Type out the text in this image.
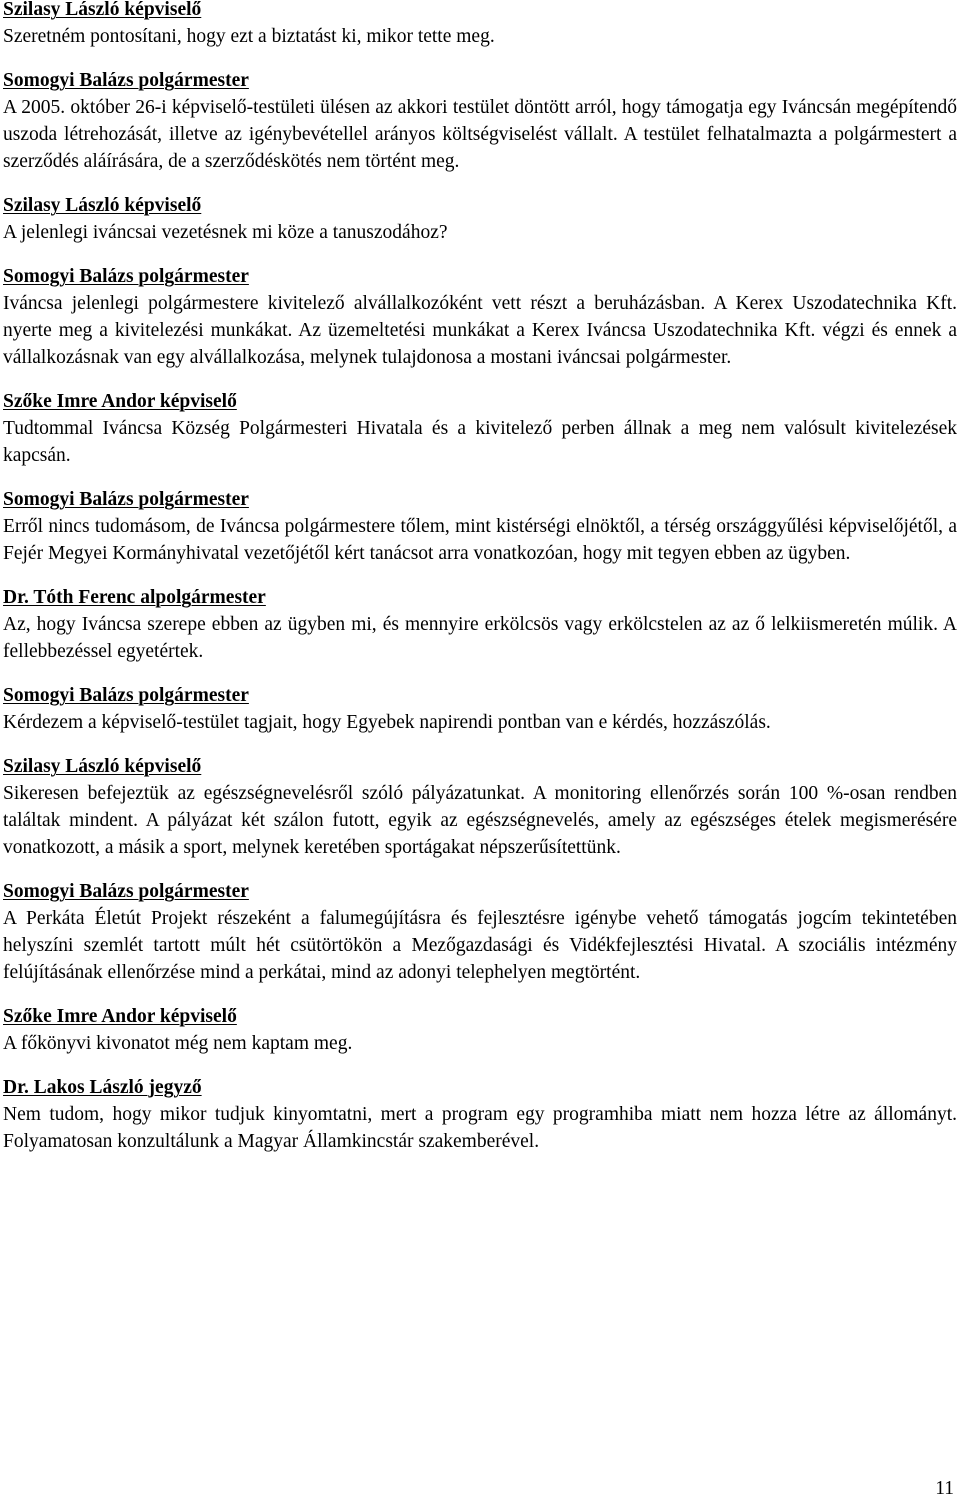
Szilasy László képviselő

Szeretném pontosítani, hogy ezt a biztatást ki, mikor tette meg.

Somogyi Balázs polgármester

A 2005. október 26-i képviselő-testületi ülésen az akkori testület döntött arról, hogy támogatja egy Iváncsán megépítendő uszoda létrehozását, illetve az igénybevétellel arányos költségviselést vállalt. A testület felhatalmazta a polgármestert a szerződés aláírására, de a szerződéskötés nem történt meg.

Szilasy László képviselő

A jelenlegi iváncsai vezetésnek mi köze a tanuszodához?

Somogyi Balázs polgármester

Iváncsa jelenlegi polgármestere kivitelező alvállalkozóként vett részt a beruházásban. A Kerex Uszodatechnika Kft. nyerte meg a kivitelezési munkákat. Az üzemeltetési munkákat a Kerex Iváncsa Uszodatechnika Kft. végzi és ennek a vállalkozásnak van egy alvállalkozása, melynek tulajdonosa a mostani iváncsai polgármester.

Szőke Imre Andor képviselő

Tudtommal Iváncsa Község Polgármesteri Hivatala és a kivitelező perben állnak a meg nem valósult kivitelezések kapcsán.

Somogyi Balázs polgármester

Erről nincs tudomásom, de Iváncsa polgármestere tőlem, mint kistérségi elnöktől, a térség országgyűlési képviselőjétől, a Fejér Megyei Kormányhivatal vezetőjétől kért tanácsot arra vonatkozóan, hogy mit tegyen ebben az ügyben.

Dr. Tóth Ferenc alpolgármester

Az, hogy Iváncsa szerepe ebben az ügyben mi, és mennyire erkölcsös vagy erkölcstelen az az ő lelkiismeretén múlik. A fellebbezéssel egyetértek.

Somogyi Balázs polgármester

Kérdezem a képviselő-testület tagjait, hogy Egyebek napirendi pontban van e kérdés, hozzászólás.

Szilasy László képviselő

Sikeresen befejeztük az egészségnevelésről szóló pályázatunkat. A monitoring ellenőrzés során 100 %-osan rendben találtak mindent. A pályázat két szálon futott, egyik az egészségnevelés, amely az egészséges ételek megismerésére vonatkozott, a másik a sport, melynek keretében sportágakat népszerűsítettünk.

Somogyi Balázs polgármester

A Perkáta Életút Projekt részeként a falumegújításra és fejlesztésre igénybe vehető támogatás jogcím tekintetében helyszíni szemlét tartott múlt hét csütörtökön a Mezőgazdasági és Vidékfejlesztési Hivatal. A szociális intézmény felújításának ellenőrzése mind a perkátai, mind az adonyi telephelyen megtörtént.

Szőke Imre Andor képviselő

A főkönyvi kivonatot még nem kaptam meg.

Dr. Lakos László jegyző

Nem tudom, hogy mikor tudjuk kinyomtatni, mert a program egy programhiba miatt nem hozza létre az állományt. Folyamatosan konzultálunk a Magyar Államkincstár szakemberével.

11
